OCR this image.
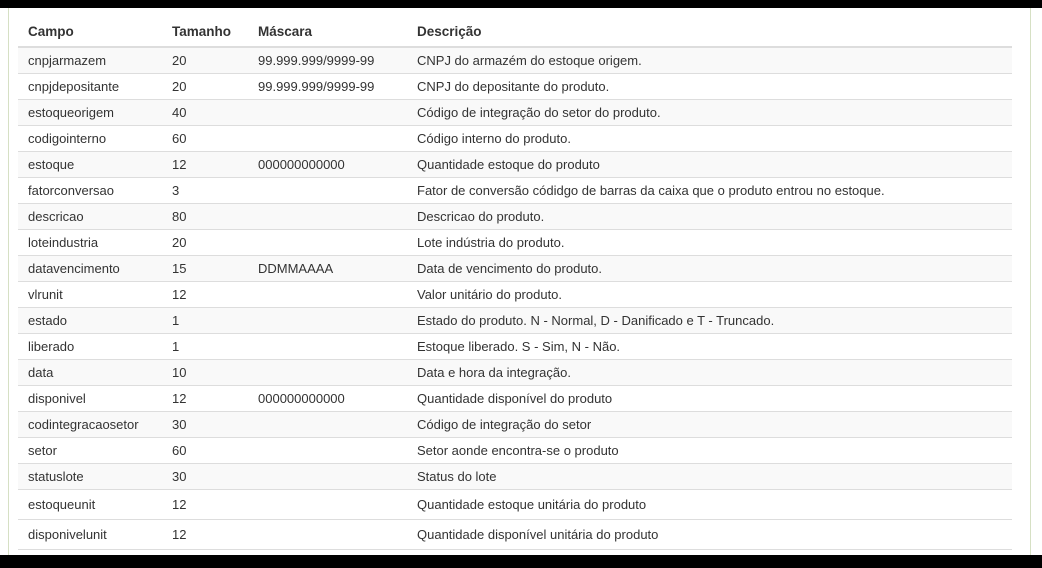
Campo	Tamanho	Máscara	Descrição
cnpjarmazem	20	99.999.999/9999-99	CNPJ do armazém do estoque origem.
cnpjdepositante	20	99.999.999/9999-99	CNPJ do depositante do produto.
estoqueorigem	40		Código de integração do setor do produto.
codigointerno	60		Código interno do produto.
estoque	12	000000000000	Quantidade estoque do produto
fatorconversao	3		Fator de conversão códidgo de barras da caixa que o produto entrou no estoque.
descricao	80		Descricao do produto.
loteindustria	20		Lote indústria do produto.
datavencimento	15	DDMMAAAA	Data de vencimento do produto.
vlrunit	12		Valor unitário do produto.
estado	1		Estado do produto. N - Normal, D - Danificado e T - Truncado.
liberado	1		Estoque liberado. S - Sim, N - Não.
data	10		Data e hora da integração.
disponivel	12	000000000000	Quantidade disponível do produto
codintegracaosetor	30		Código de integração do setor
setor	60		Setor aonde encontra-se o produto
statuslote	30		Status do lote
estoqueunit	12		Quantidade estoque unitária do produto
disponivelunit	12		Quantidade disponível unitária do produto
